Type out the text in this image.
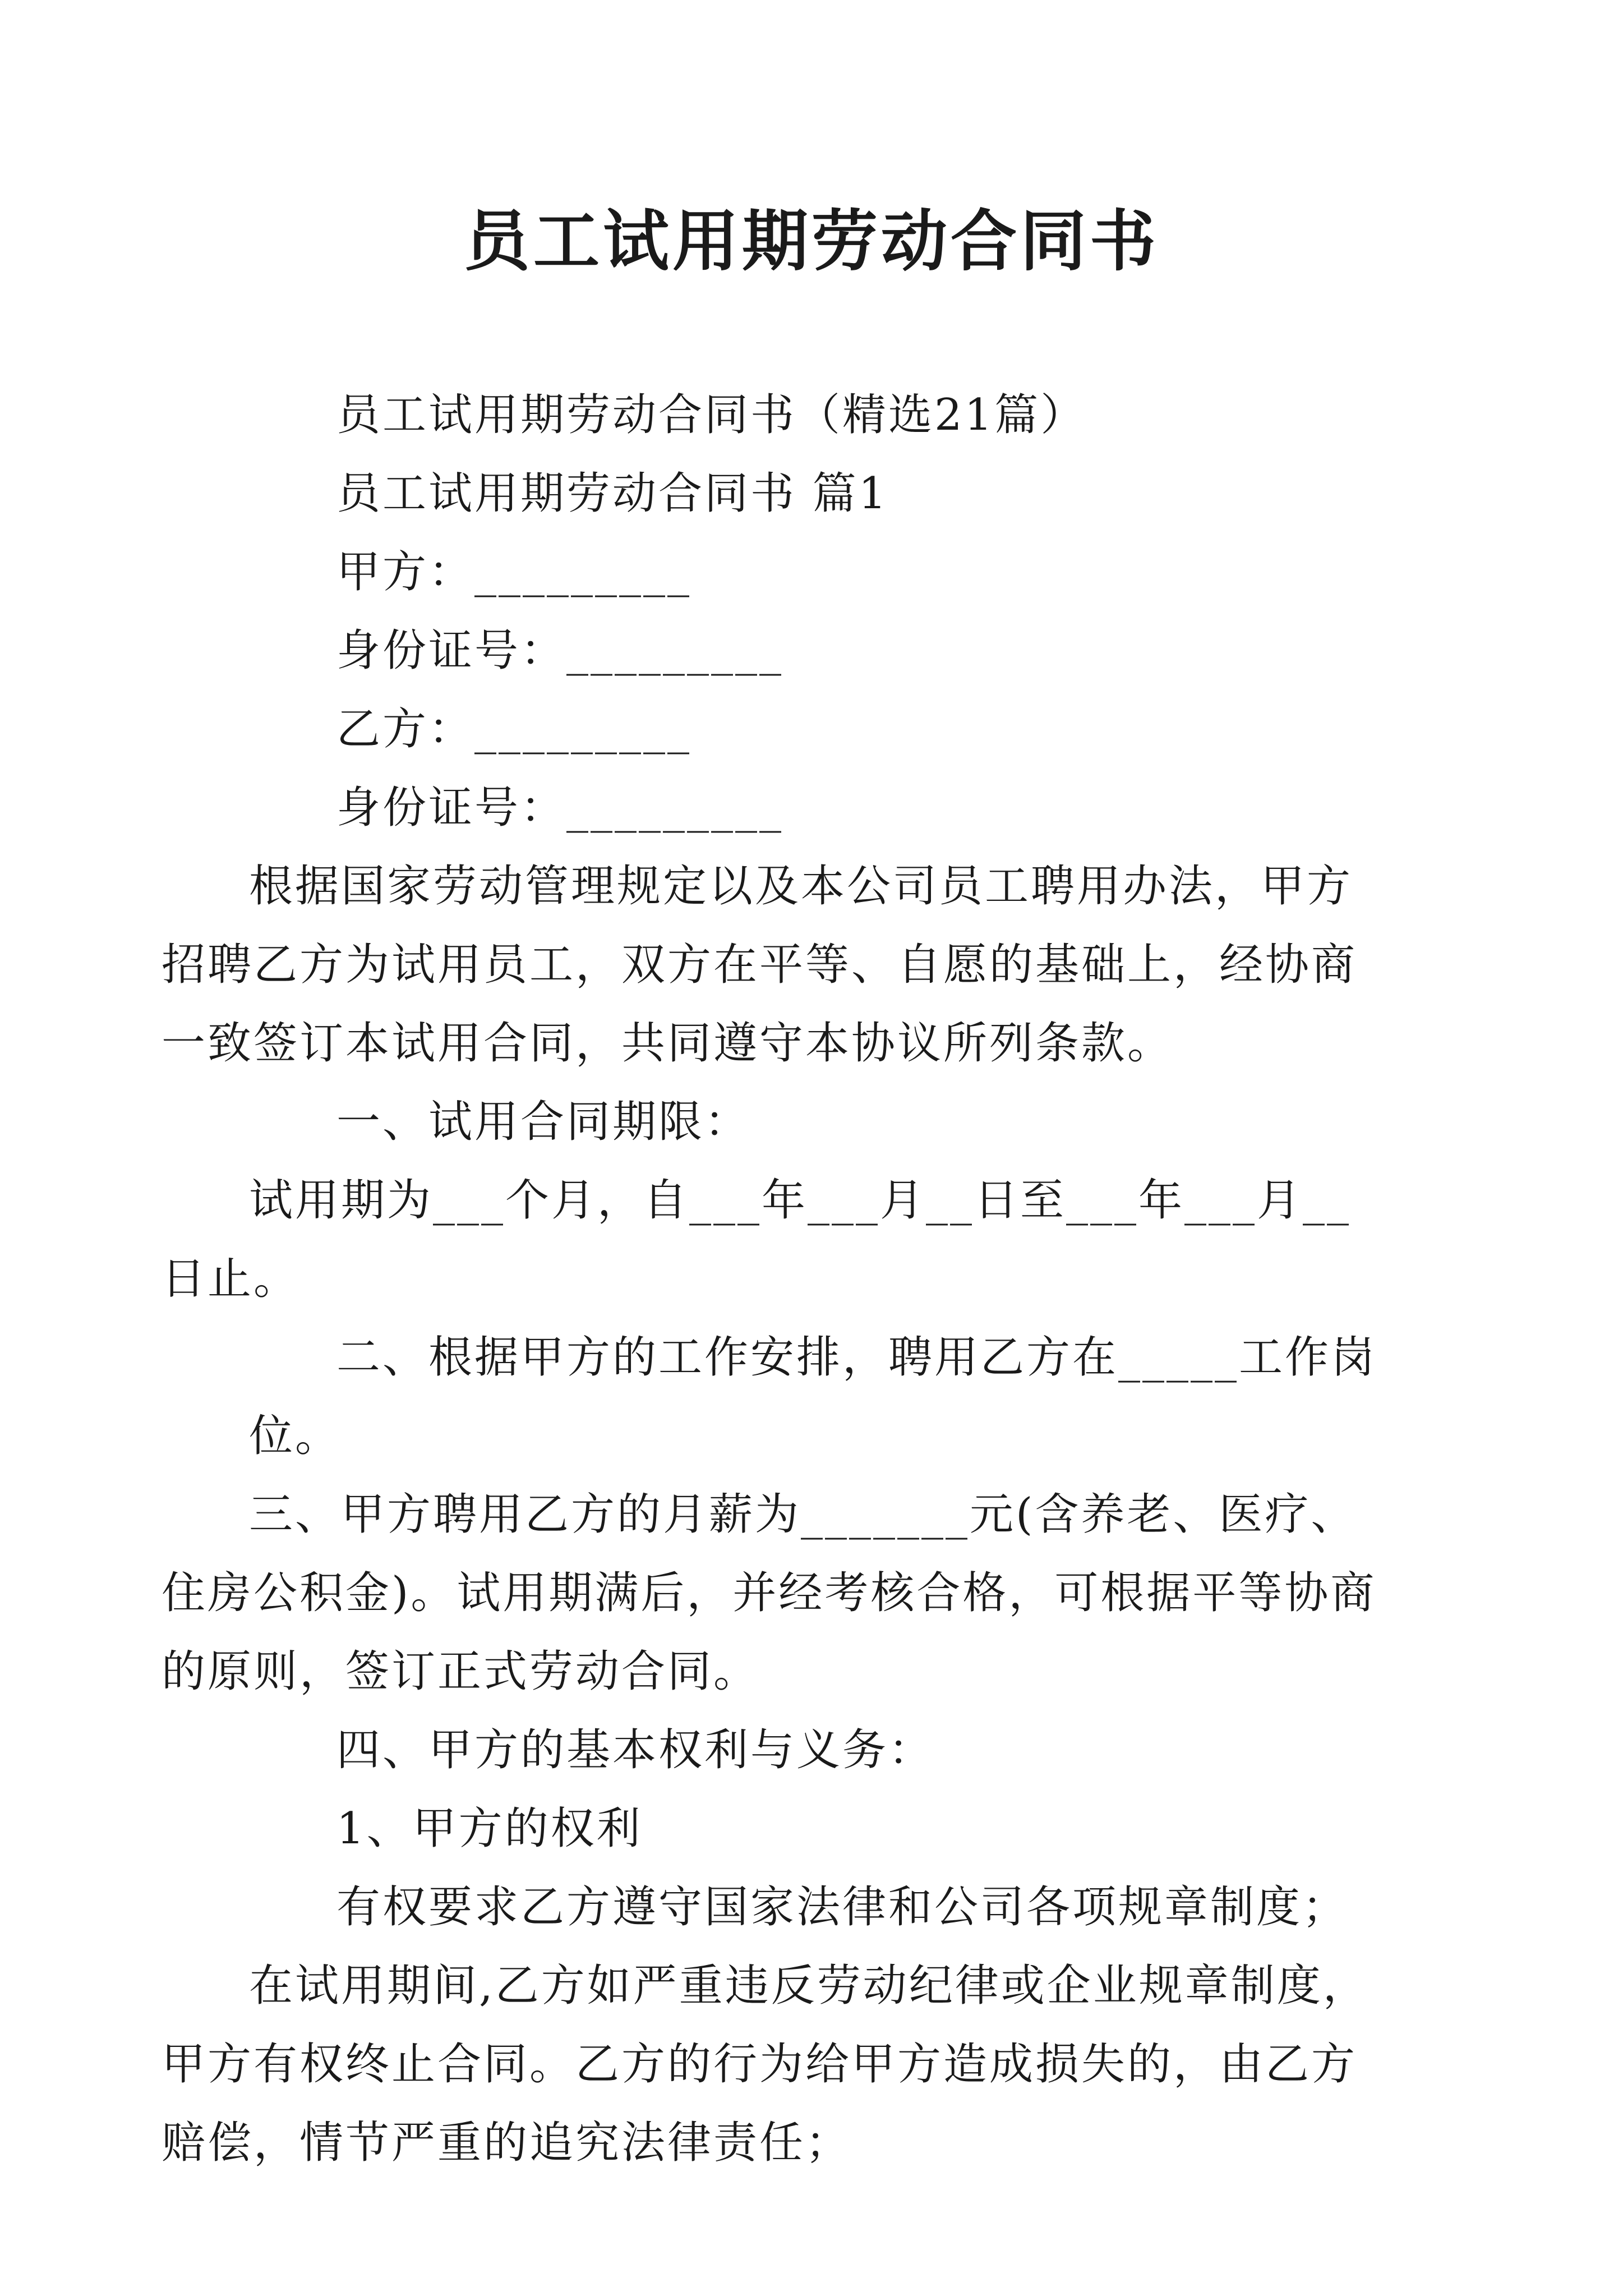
员工试用期劳动合同书

员工试用期劳动合同书（精选21篇）

员工试用期劳动合同书 篇1

甲方：_________

身份证号：_________

乙方：_________

身份证号：_________

根据国家劳动管理规定以及本公司员工聘用办法，甲方招聘乙方为试用员工，双方在平等、自愿的基础上，经协商一致签订本试用合同，共同遵守本协议所列条款。

一、试用合同期限：

试用期为___个月，自___年___月__日至___年___月__日止。

二、根据甲方的工作安排，聘用乙方在_____工作岗位。

三、甲方聘用乙方的月薪为_______元(含养老、医疗、住房公积金)。试用期满后，并经考核合格，可根据平等协商的原则，签订正式劳动合同。

四、甲方的基本权利与义务：

1、甲方的权利

有权要求乙方遵守国家法律和公司各项规章制度；

在试用期间,乙方如严重违反劳动纪律或企业规章制度，甲方有权终止合同。乙方的行为给甲方造成损失的，由乙方赔偿，情节严重的追究法律责任；
